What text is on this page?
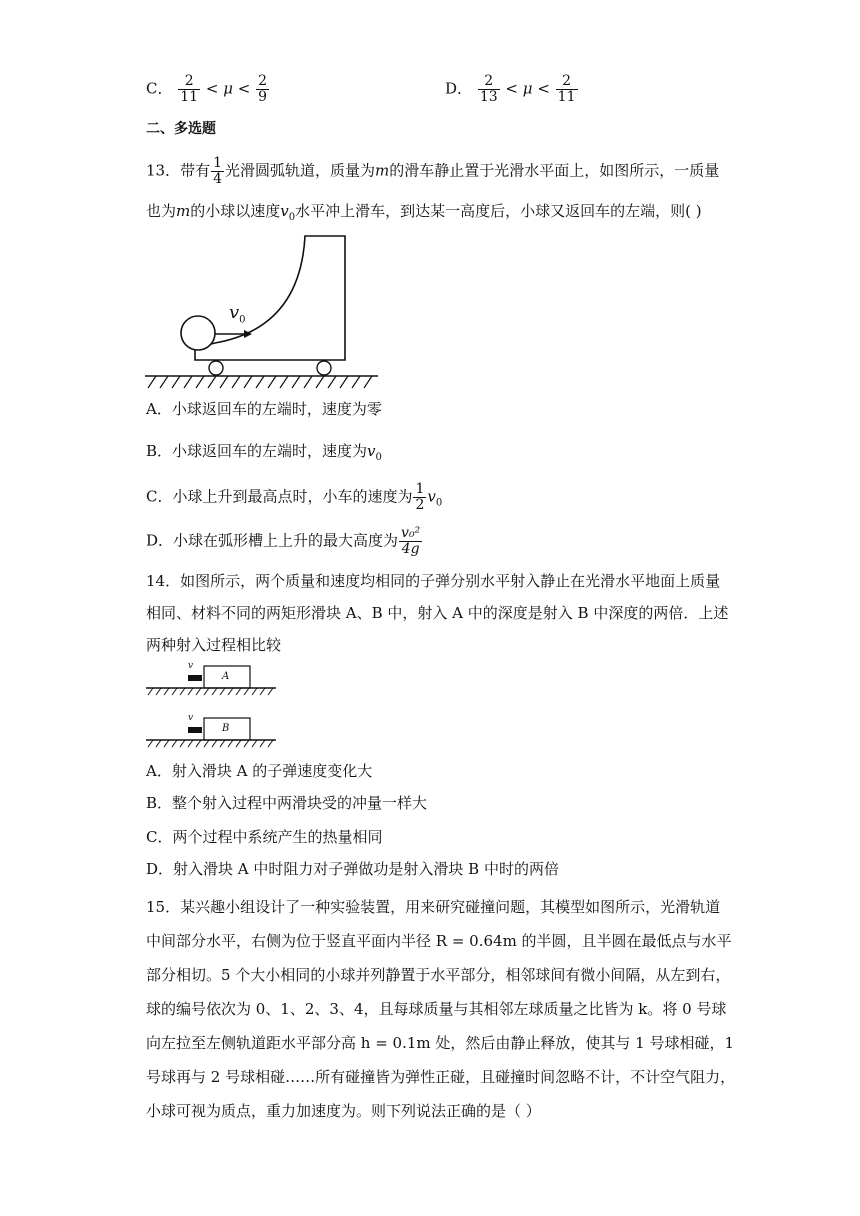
C． $\frac{2}{11} < \mu < \frac{2}{9}$	D． $\frac{2}{13} < \mu < \frac{2}{11}$
二、多选题
13．带有 $\frac{1}{4}$ 光滑圆弧轨道，质量为m的滑车静止置于光滑水平面上，如图所示，一质量
也为m的小球以速度$v_0$水平冲上滑车，到达某一高度后，小球又返回车的左端，则( )
$v_0$
A．小球返回车的左端时，速度为零
B．小球返回车的左端时，速度为$v_0$
C．小球上升到最高点时，小车的速度为 $\frac{1}{2} v_0$
D．小球在弧形槽上上升的最大高度为 $\frac{\text{v₀²}}{4g}$
14．如图所示，两个质量和速度均相同的子弹分别水平射入静止在光滑水平地面上质量
相同、材料不同的两矩形滑块 A、B 中，射入 A 中的深度是射入 B 中深度的两倍．上述
两种射入过程相比较
v
A
v
B
A．射入滑块 A 的子弹速度变化大
B．整个射入过程中两滑块受的冲量一样大
C．两个过程中系统产生的热量相同
D．射入滑块 A 中时阻力对子弹做功是射入滑块 B 中时的两倍
15．某兴趣小组设计了一种实验装置，用来研究碰撞问题，其模型如图所示，光滑轨道
中间部分水平，右侧为位于竖直平面内半径 R = 0.64m 的半圆，且半圆在最低点与水平
部分相切。5 个大小相同的小球并列静置于水平部分，相邻球间有微小间隔，从左到右，
球的编号依次为 0、1、2、3、4，且每球质量与其相邻左球质量之比皆为 k。将 0 号球
向左拉至左侧轨道距水平部分高 h = 0.1m 处，然后由静止释放，使其与 1 号球相碰，1
号球再与 2 号球相碰……所有碰撞皆为弹性正碰，且碰撞时间忽略不计，不计空气阻力，
小球可视为质点，重力加速度为。则下列说法正确的是（ ）
